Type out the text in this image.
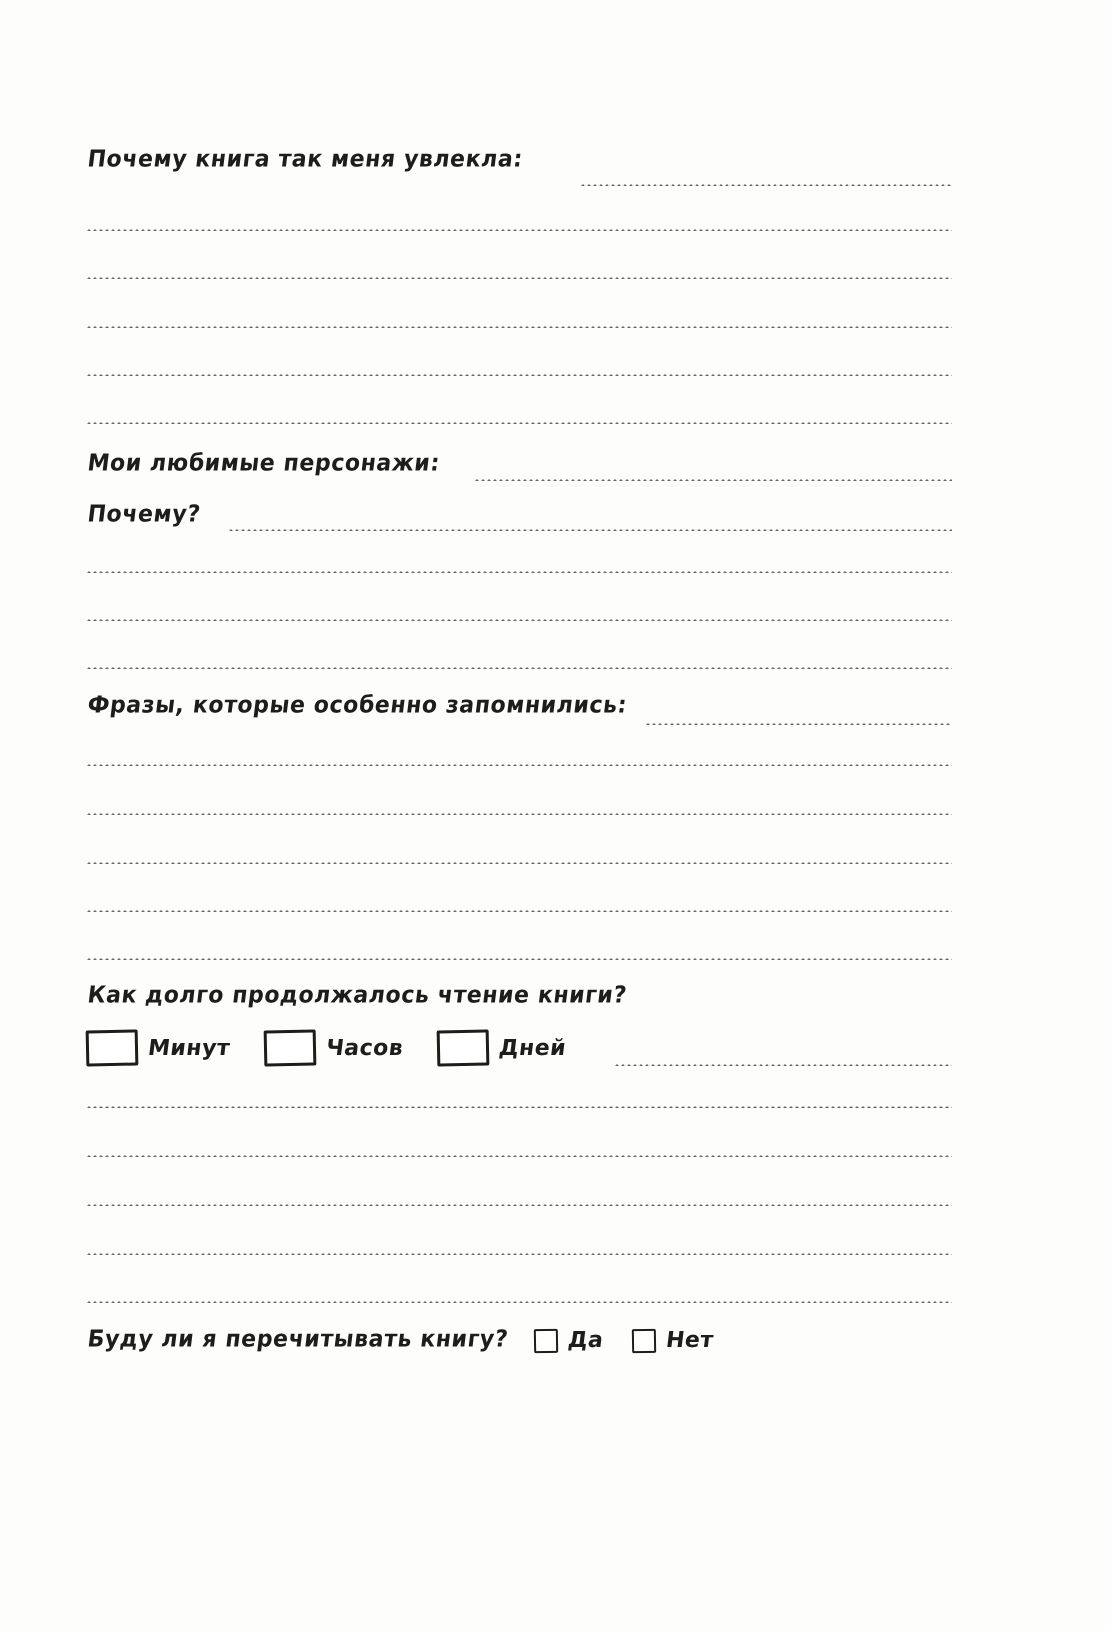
Почему книга так меня увлекла:
Мои любимые персонажи:
Почему?
Фразы, которые особенно запомнились:
Как долго продолжалось чтение книги?
Минут	Часов	Дней
Буду ли я перечитывать книгу?	Да	Нет
